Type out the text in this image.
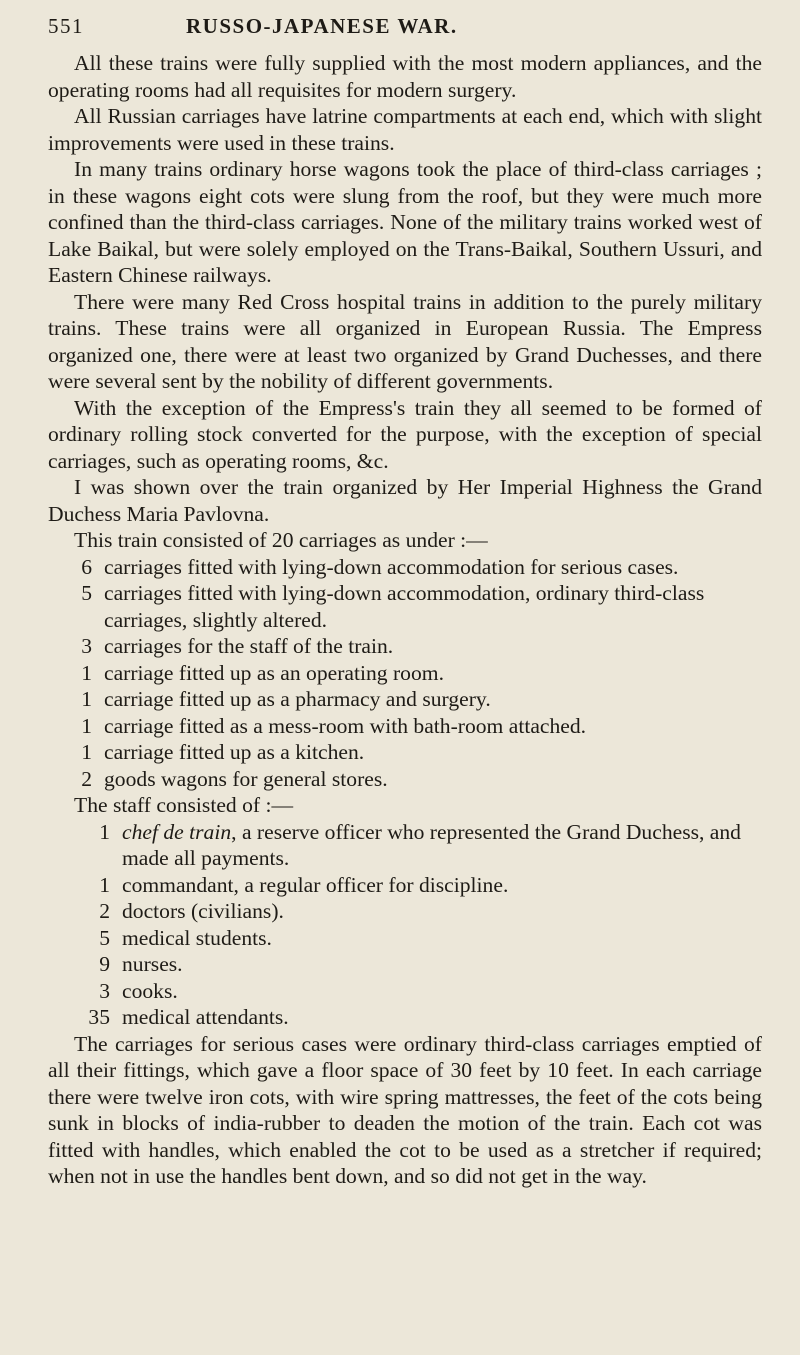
551	RUSSO-JAPANESE WAR.

All these trains were fully supplied with the most modern appliances, and the operating rooms had all requisites for modern surgery.

All Russian carriages have latrine compartments at each end, which with slight improvements were used in these trains.

In many trains ordinary horse wagons took the place of third-class carriages ; in these wagons eight cots were slung from the roof, but they were much more confined than the third-class carriages. None of the military trains worked west of Lake Baikal, but were solely employed on the Trans-Baikal, Southern Ussuri, and Eastern Chinese railways.

There were many Red Cross hospital trains in addition to the purely military trains. These trains were all organized in European Russia. The Empress organized one, there were at least two organized by Grand Duchesses, and there were several sent by the nobility of different governments.

With the exception of the Empress's train they all seemed to be formed of ordinary rolling stock converted for the purpose, with the exception of special carriages, such as operating rooms, &c.

I was shown over the train organized by Her Imperial Highness the Grand Duchess Maria Pavlovna.

This train consisted of 20 carriages as under :—

6 carriages fitted with lying-down accommodation for serious cases.
5 carriages fitted with lying-down accommodation, ordinary third-class carriages, slightly altered.
3 carriages for the staff of the train.
1 carriage fitted up as an operating room.
1 carriage fitted up as a pharmacy and surgery.
1 carriage fitted as a mess-room with bath-room attached.
1 carriage fitted up as a kitchen.
2 goods wagons for general stores.

The staff consisted of :—

1 chef de train, a reserve officer who represented the Grand Duchess, and made all payments.
1 commandant, a regular officer for discipline.
2 doctors (civilians).
5 medical students.
9 nurses.
3 cooks.
35 medical attendants.

The carriages for serious cases were ordinary third-class carriages emptied of all their fittings, which gave a floor space of 30 feet by 10 feet. In each carriage there were twelve iron cots, with wire spring mattresses, the feet of the cots being sunk in blocks of india-rubber to deaden the motion of the train. Each cot was fitted with handles, which enabled the cot to be used as a stretcher if required; when not in use the handles bent down, and so did not get in the way.
